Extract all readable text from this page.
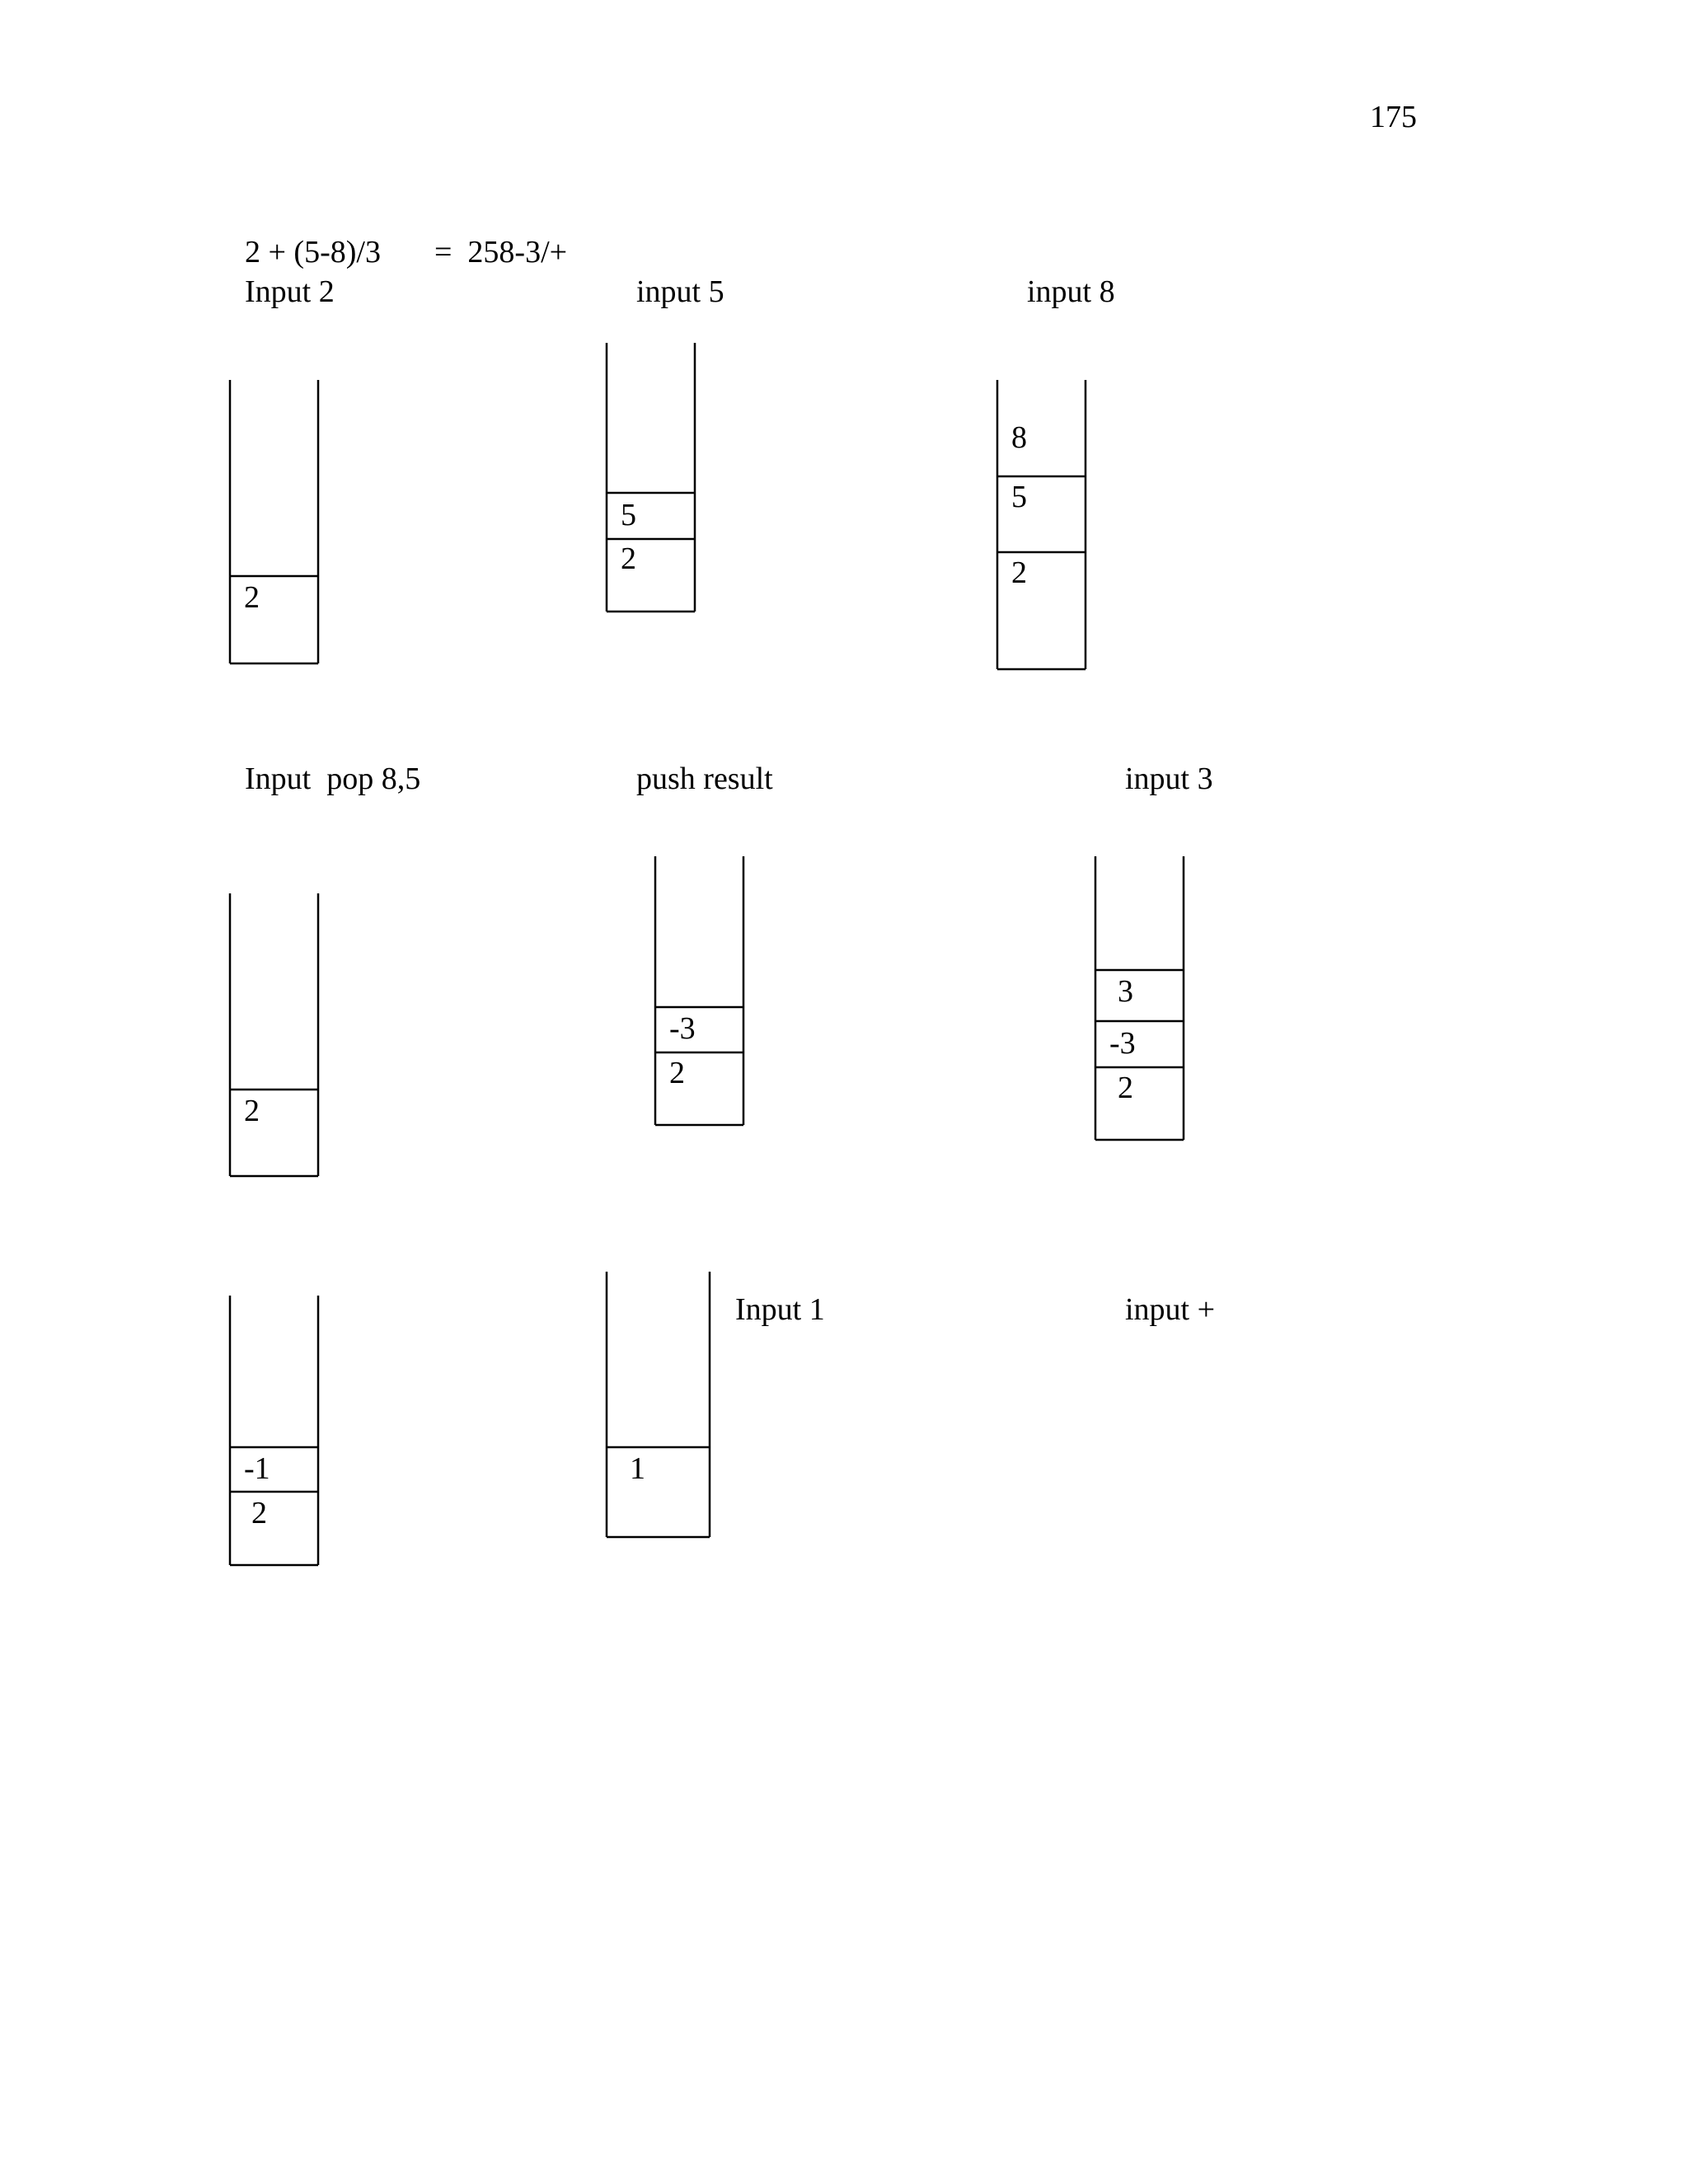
175
2 + (5-8)/3 =  258-3/+
Input 2	input 5	input 8
Input  pop 8,5	push result	input 3
Input 1	input +
2
5
2
8
5
2
2
-3
2
3
-3
2
-1
2
1
